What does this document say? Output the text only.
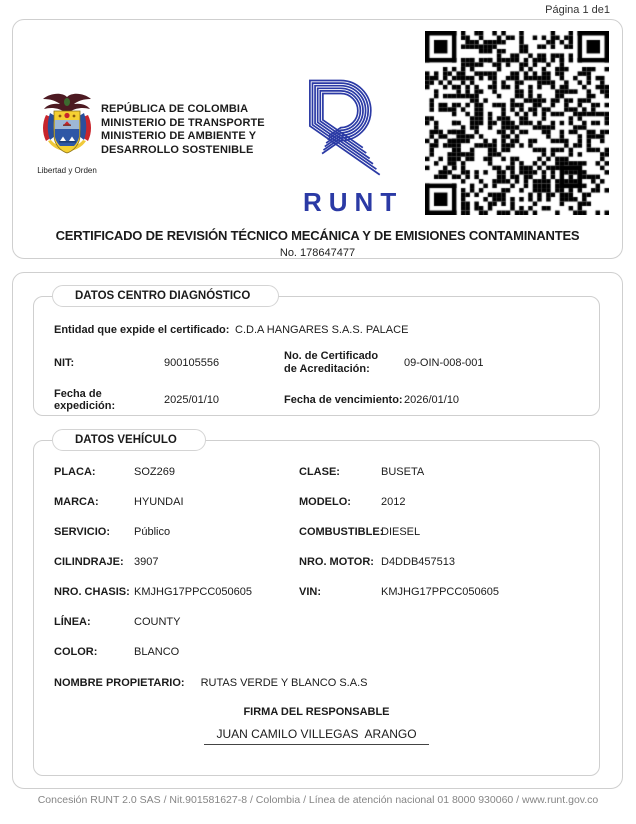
Página 1 de1
Libertad y Orden
REPÚBLICA DE COLOMBIA
MINISTERIO DE TRANSPORTE
MINISTERIO DE AMBIENTE Y
DESARROLLO SOSTENIBLE
RUNT
CERTIFICADO DE REVISIÓN TÉCNICO MECÁNICA Y DE EMISIONES CONTAMINANTES
No. 178647477
DATOS CENTRO DIAGNÓSTICO
Entidad que expide el certificado: C.D.A HANGARES S.A.S. PALACE
NIT:	900105556
No. de Certificado de Acreditación:	09-OIN-008-001
Fecha de expedición:	2025/01/10	Fecha de vencimiento: 2026/01/10
DATOS VEHÍCULO
PLACA:	SOZ269	CLASE:	BUSETA
MARCA:	HYUNDAI	MODELO:	2012
SERVICIO:	Público	COMBUSTIBLE:
DIESEL
CILINDRAJE: 3907	NRO. MOTOR: D4DDB457513
NRO. CHASIS: KMJHG17PPCC050605	VIN:	KMJHG17PPCC050605
LÍNEA:	COUNTY
COLOR:	BLANCO
NOMBRE PROPIETARIO: RUTAS VERDE Y BLANCO S.A.S
FIRMA DEL RESPONSABLE
JUAN CAMILO VILLEGAS  ARANGO
Concesión RUNT 2.0 SAS / Nit.901581627-8 / Colombia / Línea de atención nacional 01 8000 930060 / www.runt.gov.co
